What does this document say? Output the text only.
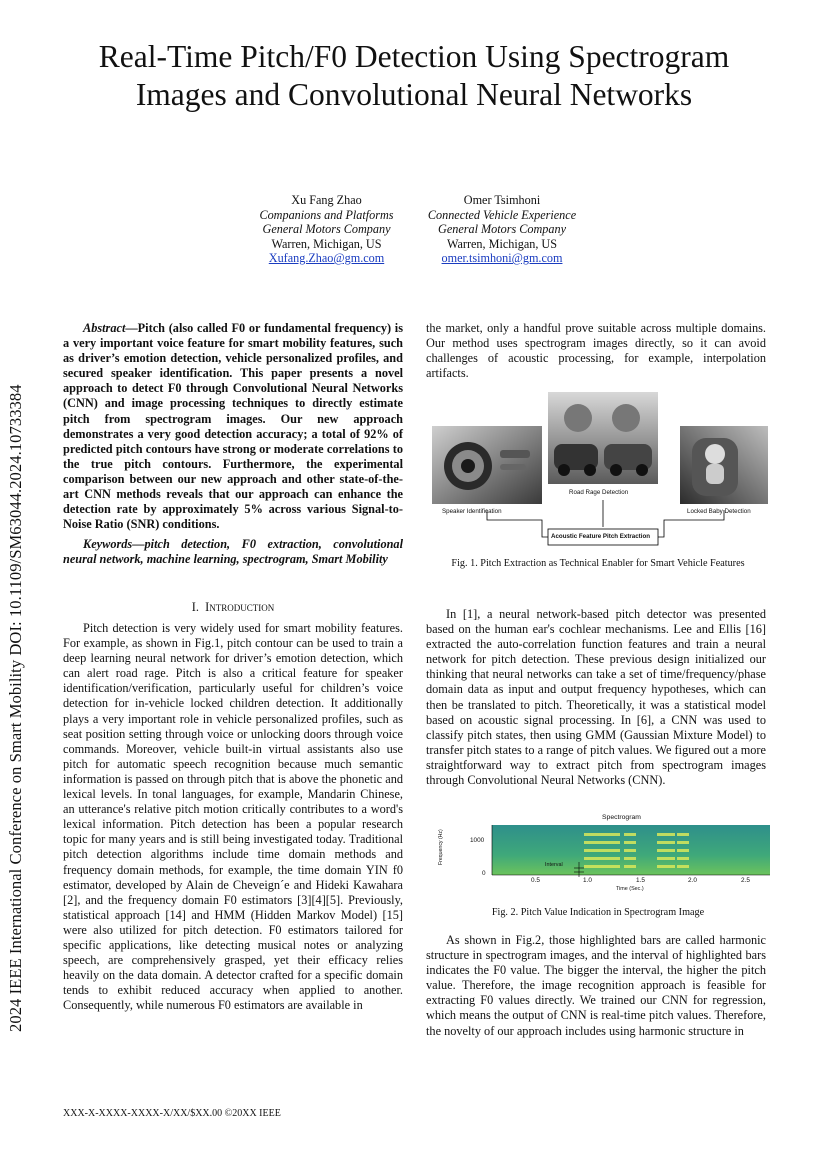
2024 IEEE International Conference on Smart Mobility DOI: 10.1109/SM63044.2024.10733384
Real-Time Pitch/F0 Detection Using Spectrogram
Images and Convolutional Neural Networks
Xu Fang Zhao
Companions and Platforms
General Motors Company
Warren, Michigan, US
Xufang.Zhao@gm.com
Omer Tsimhoni
Connected Vehicle Experience
General Motors Company
Warren, Michigan, US
omer.tsimhoni@gm.com

Abstract—Pitch (also called F0 or fundamental frequency) is a very important voice feature for smart mobility features, such as driver’s emotion detection, vehicle personalized profiles, and secured speaker identification. This paper presents a novel approach to detect F0 through Convolutional Neural Networks (CNN) and image processing techniques to directly estimate pitch from spectrogram images. Our new approach demonstrates a very good detection accuracy; a total of 92% of predicted pitch contours have strong or moderate correlations to the true pitch contours. Furthermore, the experimental comparison between our new approach and other state-of-the-art CNN methods reveals that our approach can enhance the detection rate by approximately 5% across various Signal-to-Noise Ratio (SNR) conditions.

Keywords—pitch detection, F0 extraction, convolutional neural network, machine learning, spectrogram, Smart Mobility

I. Introduction

Pitch detection is very widely used for smart mobility features. For example, as shown in Fig.1, pitch contour can be used to train a deep learning neural network for driver’s emotion detection, which can alert road rage. Pitch is also a critical feature for speaker identification/verification, particularly useful for children’s voice detection for in-vehicle locked children detection. It additionally plays a very important role in vehicle personalized profiles, such as seat position setting through voice or unlocking doors through voice commands. Moreover, vehicle built-in virtual assistants also use pitch for automatic speech recognition because much semantic information is passed on through pitch that is above the phonetic and lexical levels. In tonal languages, for example, Mandarin Chinese, an utterance's relative pitch motion critically contributes to a word's lexical information. Pitch detection has been a popular research topic for many years and is still being investigated today. Traditional pitch detection algorithms include time domain methods and frequency domain methods, for example, the time domain YIN f0 estimator, developed by Alain de Cheveign´e and Hideki Kawahara [2], and the frequency domain F0 estimators [3][4][5]. Previously, statistical approach [14] and HMM (Hidden Markov Model) [15] were also utilized for pitch detection. F0 estimators tailored for specific applications, like detecting musical notes or analyzing speech, are comprehensively grasped, yet their efficacy relies heavily on the data domain. A detector crafted for a specific domain tends to exhibit reduced accuracy when applied to another. Consequently, while numerous F0 estimators are available in

the market, only a handful prove suitable across multiple domains. Our method uses spectrogram images directly, so it can avoid challenges of acoustic processing, for example, interpolation artifacts.

Road Rage Detection
Speaker Identification	Locked Baby Detection
Acoustic Feature Pitch Extraction
Fig. 1. Pitch Extraction as Technical Enabler for Smart Vehicle Features

In [1], a neural network-based pitch detector was presented based on the human ear's cochlear mechanisms. Lee and Ellis [16] extracted the auto-correlation function features and train a neural network for pitch detection. These previous design initialized our thinking that neural networks can take a set of time/frequency/phase domain data as input and output frequency hypotheses, which can then be translated to pitch. Theoretically, it was a statistical model based on acoustic signal processing. In [6], a CNN was used to classify pitch states, then using GMM (Gaussian Mixture Model) to transfer pitch states to a range of pitch values. We figured out a more straightforward way to extract pitch from spectrogram images through Convolutional Neural Networks (CNN).

Spectrogram
Frequency (Hz)	1000
0
Interval
0.5	1.0	1.5	2.0	2.5
Time (Sec.)
Fig. 2. Pitch Value Indication in Spectrogram Image

As shown in Fig.2, those highlighted bars are called harmonic structure in spectrogram images, and the interval of highlighted bars indicates the F0 value. The bigger the interval, the higher the pitch value. Therefore, the image recognition approach is feasible for extracting F0 values directly. We trained our CNN for regression, which means the output of CNN is real-time pitch values. Therefore, the novelty of our approach includes using harmonic structure in

XXX-X-XXXX-XXXX-X/XX/$XX.00 ©20XX IEEE
